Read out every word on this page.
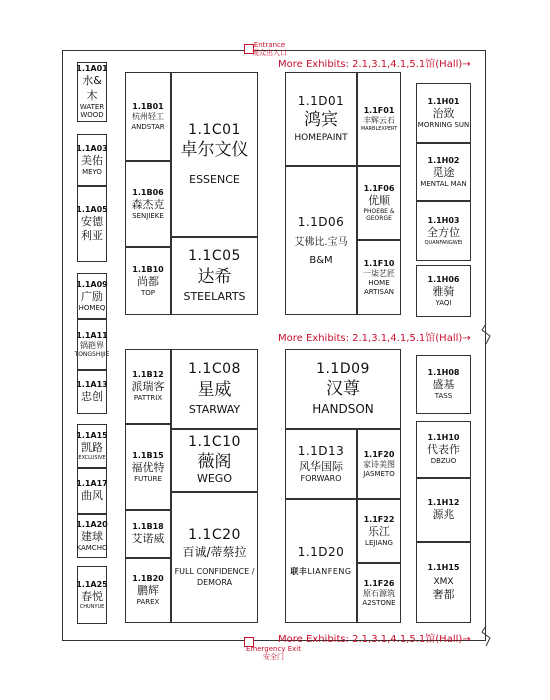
Entrance
观众出入口
Emergency Exit
安全门
More Exhibits: 2.1,3.1,4.1,5.1馆(Hall)→
More Exhibits: 2.1,3.1,4.1,5.1馆(Hall)→
More Exhibits: 2.1,3.1,4.1,5.1馆(Hall)→
1.1A01
水&木
WATER WOOD
1.1A03
美佑
MEYO
1.1A05
安德利亚
1.1A09
广励
HOMEQ
1.1A11
锅筢界
TONGSHIJIE
1.1A13
忠创
1.1A15
凯路
EXCLUSIVE
1.1A17
曲风
1.1A20
建球
KAMCHO
1.1A25
春悦
CHUNYUE
1.1B01
杭州轻工
ANDSTAR
1.1B06
森杰克
SENJIEKE
1.1B10
尚都
TOP
1.1C01
卓尔文仪
ESSENCE
1.1C05
达希
STEELARTS
1.1D01
鸿宾
HOMEPAINT
1.1D06
艾佛比.宝马
B&M
1.1F01
丰辉云石
MARBLEXPERT
1.1F06
优顺
PHOEBE & GEORGE
1.1F10
一柒艺匠
HOME ARTISAN
1.1H01
治致
MORNING SUN
1.1H02
觅途
MENTAL MAN
1.1H03
全方位
QUANFANGWEI
1.1H06
雅骑
YAQI
1.1B12
派瑞客
PATTRIX
1.1B15
福优特
FUTURE
1.1B18
艾诺威
1.1B20
鹏辉
PAREX
1.1C08
星威
STARWAY
1.1C10
薇阁
WEGO
1.1C20
百诚/蒂蔡拉
FULL CONFIDENCE / DEMORA
1.1D09
汉尊
HANDSON
1.1D13
风华国际
FORWARO
1.1D20
联丰LIANFENG
1.1F20
家诗美图
JASMETO
1.1F22
乐江
LEJIANG
1.1F26
原石源筑
A2STONE
1.1H08
盛基
TASS
1.1H10
代表作
DBZUO
1.1H12
源兆
1.1H15
XMX
奢都
